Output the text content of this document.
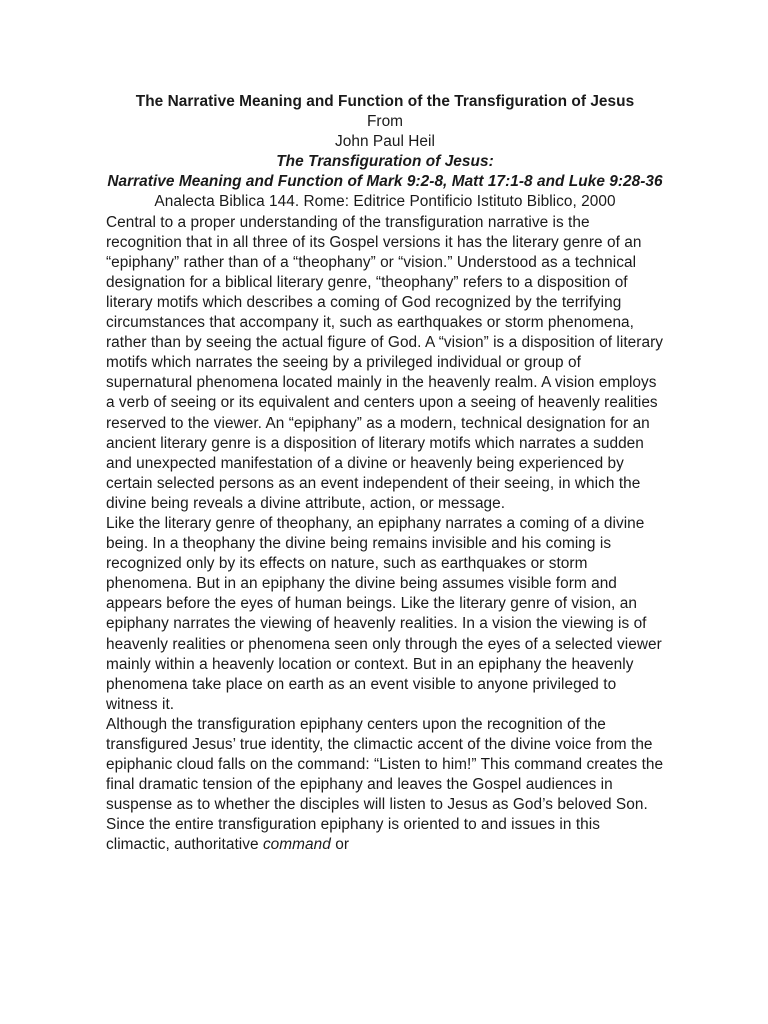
The Narrative Meaning and Function of the Transfiguration of Jesus

From

John Paul Heil

The Transfiguration of Jesus:

Narrative Meaning and Function of Mark 9:2-8, Matt 17:1-8 and Luke 9:28-36

Analecta Biblica 144. Rome: Editrice Pontificio Istituto Biblico, 2000

Central to a proper understanding of the transfiguration narrative is the recognition that in all three of its Gospel versions it has the literary genre of an “epiphany” rather than of a “theophany” or “vision.” Understood as a technical designation for a biblical literary genre, “theophany” refers to a disposition of literary motifs which describes a coming of God recognized by the terrifying circumstances that accompany it, such as earthquakes or storm phenomena, rather than by seeing the actual figure of God. A “vision” is a disposition of literary motifs which narrates the seeing by a privileged individual or group of supernatural phenomena located mainly in the heavenly realm. A vision employs a verb of seeing or its equivalent and centers upon a seeing of heavenly realities reserved to the viewer. An “epiphany” as a modern, technical designation for an ancient literary genre is a disposition of literary motifs which narrates a sudden and unexpected manifestation of a divine or heavenly being experienced by certain selected persons as an event independent of their seeing, in which the divine being reveals a divine attribute, action, or message.

Like the literary genre of theophany, an epiphany narrates a coming of a divine being. In a theophany the divine being remains invisible and his coming is recognized only by its effects on nature, such as earthquakes or storm phenomena. But in an epiphany the divine being assumes visible form and appears before the eyes of human beings. Like the literary genre of vision, an epiphany narrates the viewing of heavenly realities. In a vision the viewing is of heavenly realities or phenomena seen only through the eyes of a selected viewer mainly within a heavenly location or context. But in an epiphany the heavenly phenomena take place on earth as an event visible to anyone privileged to witness it.

Although the transfiguration epiphany centers upon the recognition of the transfigured Jesus’ true identity, the climactic accent of the divine voice from the epiphanic cloud falls on the command: “Listen to him!” This command creates the final dramatic tension of the epiphany and leaves the Gospel audiences in suspense as to whether the disciples will listen to Jesus as God’s beloved Son. Since the entire transfiguration epiphany is oriented to and issues in this climactic, authoritative command or
